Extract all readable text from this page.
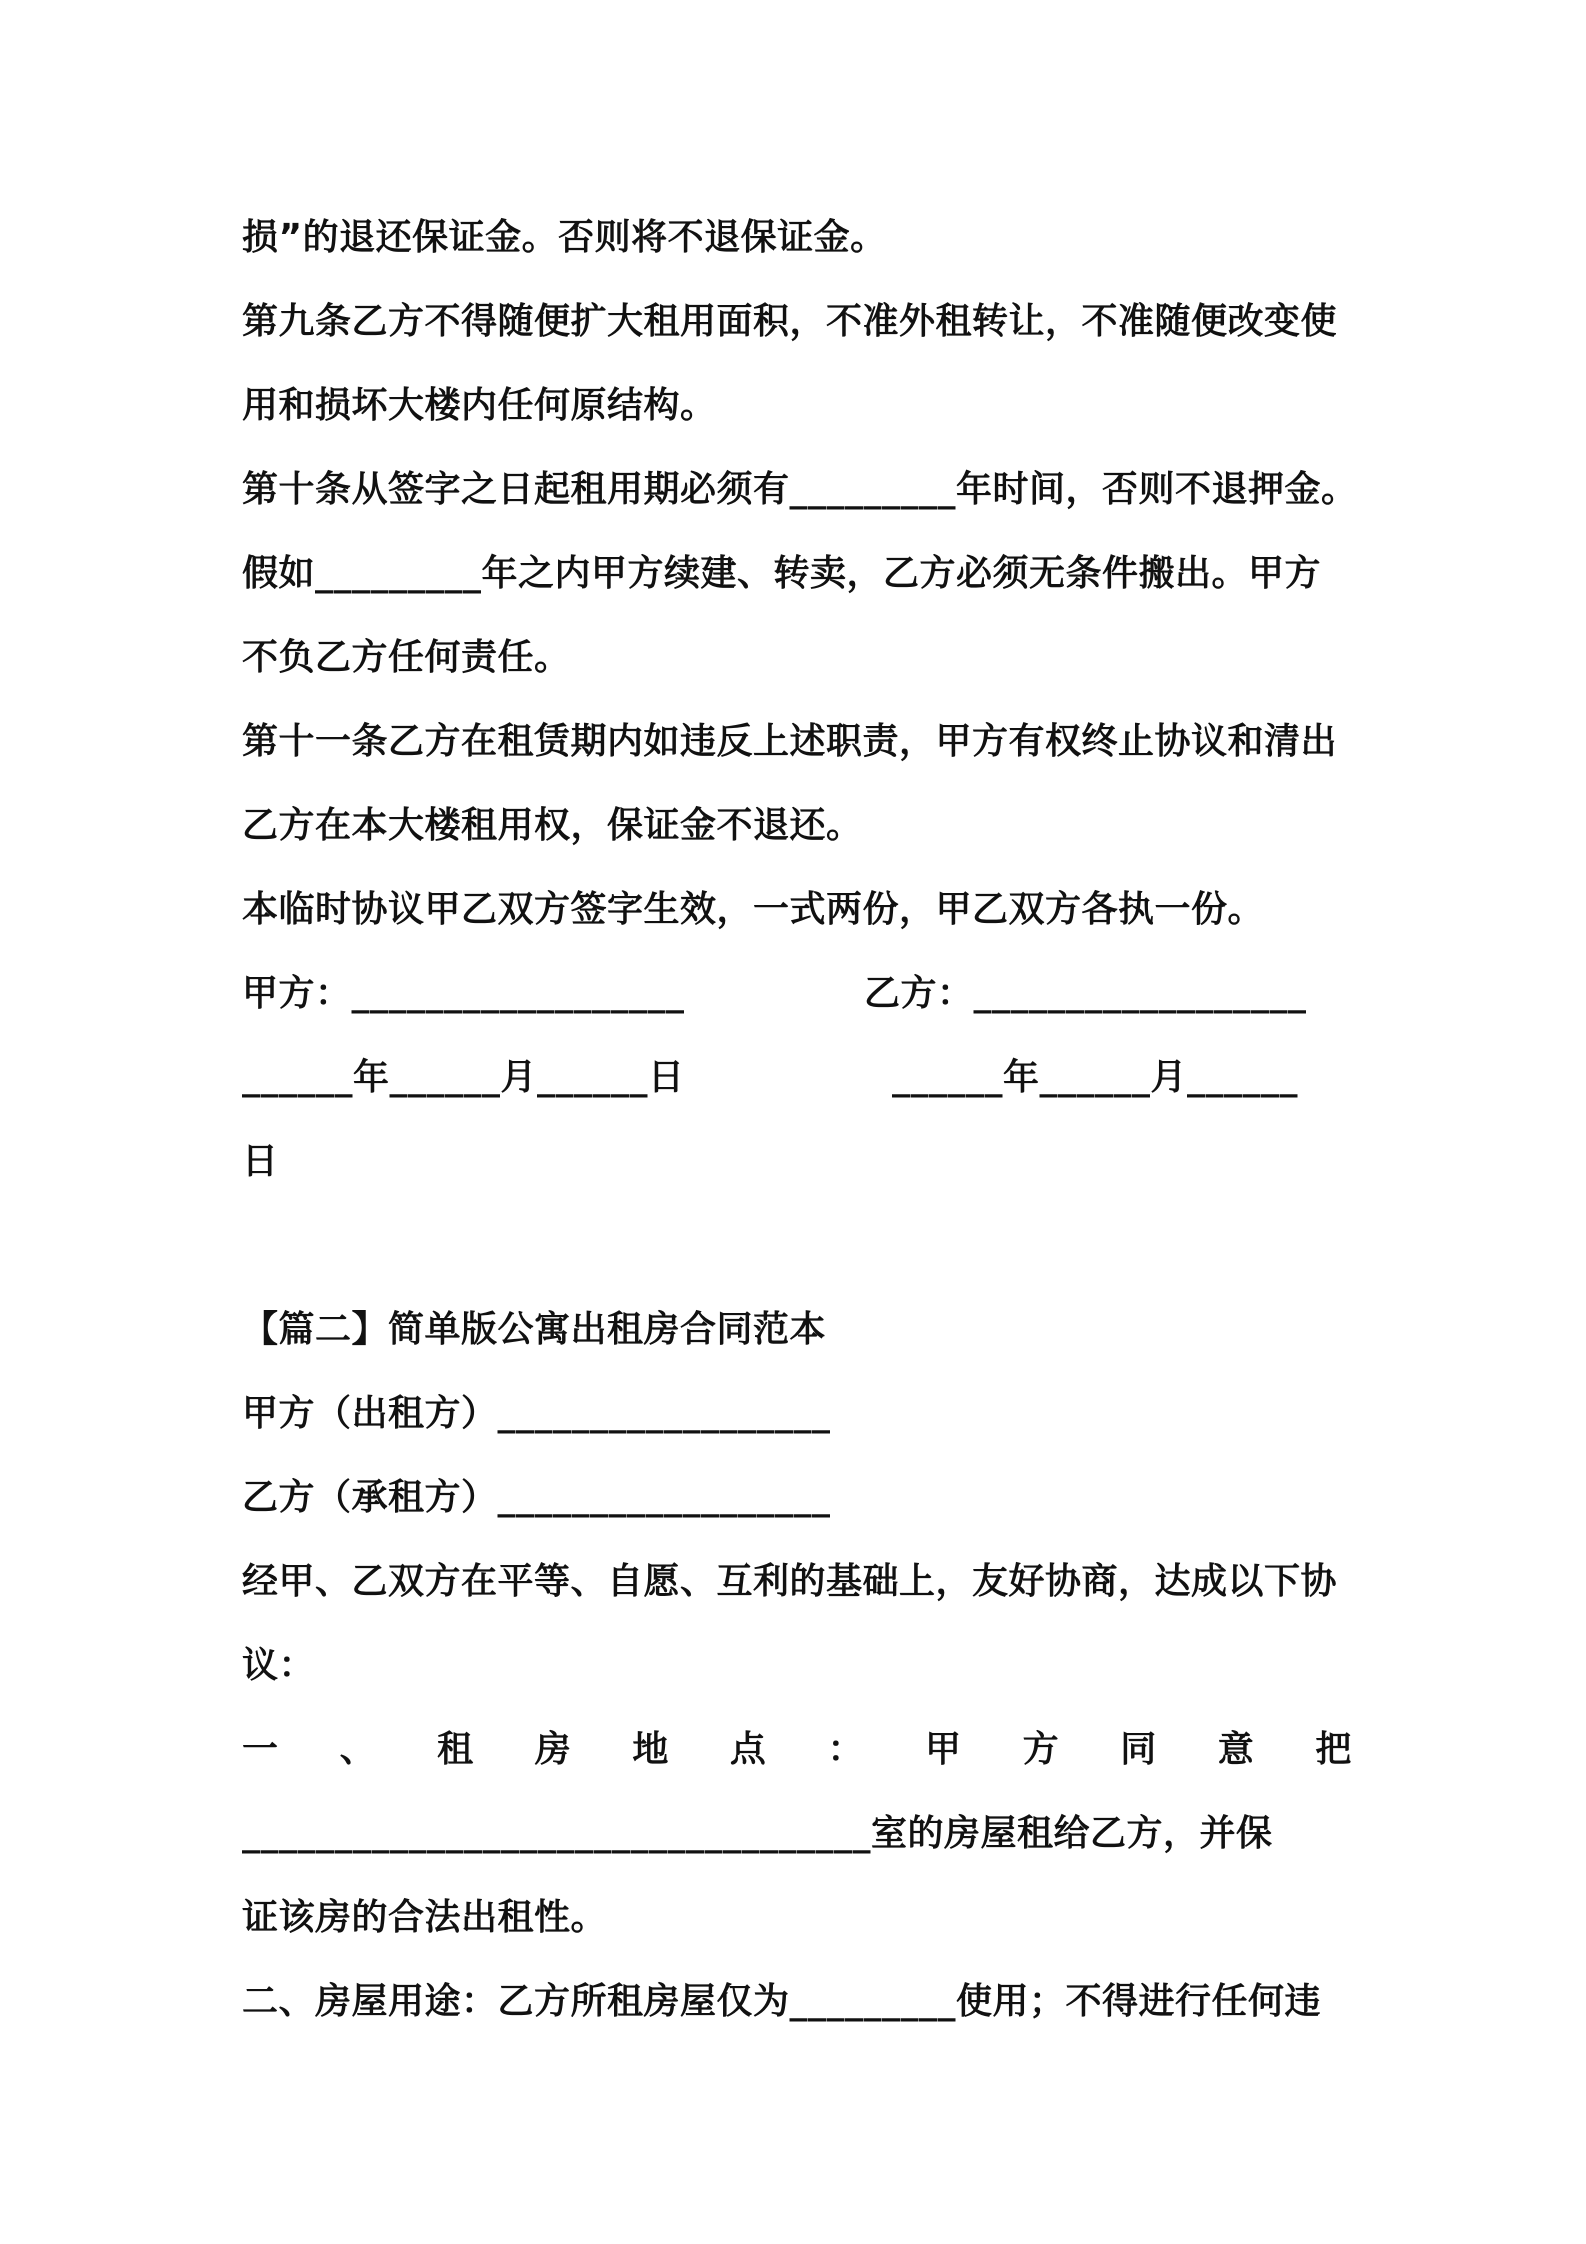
损”的退还保证金。否则将不退保证金。
第九条乙方不得随便扩大租用面积，不准外租转让，不准随便改变使
用和损坏大楼内任何原结构。
第十条从签字之日起租用期必须有_________年时间，否则不退押金。
假如_________年之内甲方续建、转卖，乙方必须无条件搬出。甲方
不负乙方任何责任。
第十一条乙方在租赁期内如违反上述职责，甲方有权终止协议和清出
乙方在本大楼租用权，保证金不退还。
本临时协议甲乙双方签字生效，一式两份，甲乙双方各执一份。
甲方：__________________	乙方：__________________
______年______月______日	______年______月______
日
【篇二】简单版公寓出租房合同范本
甲方（出租方）__________________
乙方（承租方）__________________
经甲、乙双方在平等、自愿、互利的基础上，友好协商，达成以下协
议：
一 、 租 房 地 点 ： 甲 方 同 意 把
__________________________________室的房屋租给乙方，并保
证该房的合法出租性。
二、房屋用途：乙方所租房屋仅为_________使用；不得进行任何违
